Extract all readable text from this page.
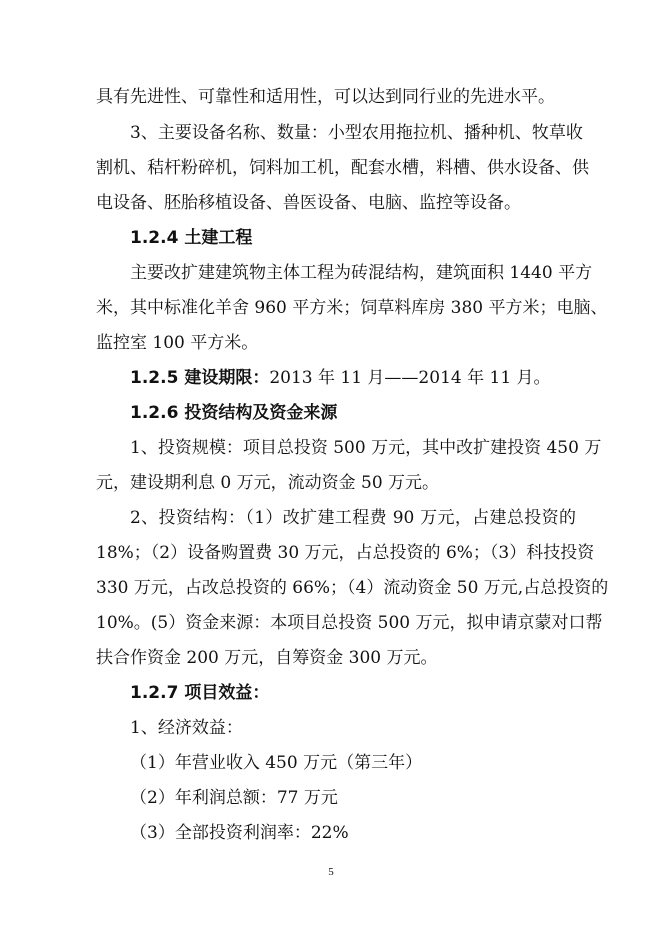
具有先进性、可靠性和适用性，可以达到同行业的先进水平。
3、主要设备名称、数量：小型农用拖拉机、播种机、牧草收
割机、秸杆粉碎机，饲料加工机，配套水槽，料槽、供水设备、供
电设备、胚胎移植设备、兽医设备、电脑、监控等设备。
1.2.4 土建工程
主要改扩建建筑物主体工程为砖混结构，建筑面积 1440 平方
米，其中标准化羊舍 960 平方米；饲草料库房 380 平方米；电脑、
监控室 100 平方米。
1.2.5 建设期限：2013 年 11 月——2014 年 11 月。
1.2.6 投资结构及资金来源
1、投资规模：项目总投资 500 万元，其中改扩建投资 450 万
元，建设期利息 0 万元，流动资金 50 万元。
2、投资结构：（1）改扩建工程费 90 万元，占建总投资的
18%；（2）设备购置费 30 万元，占总投资的 6%；（3）科技投资
330 万元，占改总投资的 66%；（4）流动资金 50 万元,占总投资的
10%。(5）资金来源：本项目总投资 500 万元，拟申请京蒙对口帮
扶合作资金 200 万元，自筹资金 300 万元。
1.2.7 项目效益：
1、经济效益：
（1）年营业收入 450 万元（第三年）
（2）年利润总额：77 万元
（3）全部投资利润率：22%
5
